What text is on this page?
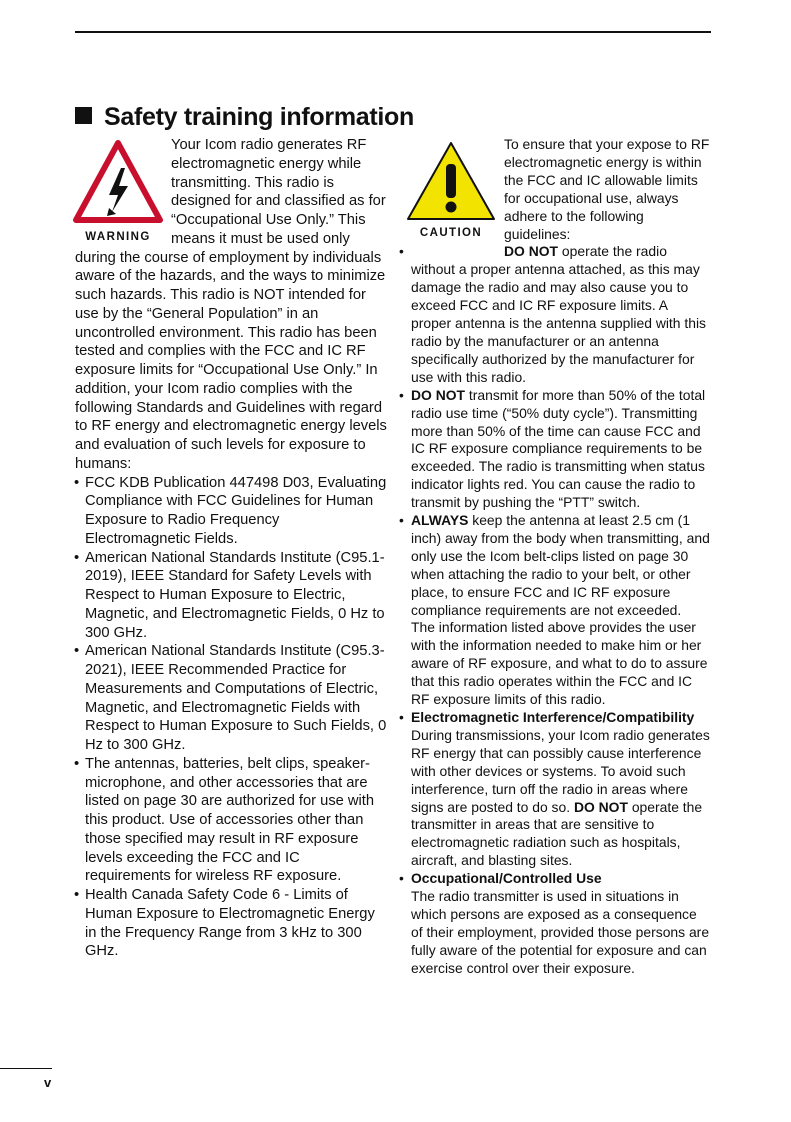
Safety training information
WARNING

Your Icom radio generates RF electromagnetic energy while transmitting. This radio is designed for and classified as for “Occupational Use Only.” This means it must be used only during the course of employment by individuals aware of the hazards, and the ways to minimize such hazards. This radio is NOT intended for use by the “General Population” in an uncontrolled environment. This radio has been tested and complies with the FCC and IC RF exposure limits for “Occupational Use Only.” In addition, your Icom radio complies with the following Standards and Guidelines with regard to RF energy and electromagnetic energy levels and evaluation of such levels for exposure to humans:

• FCC KDB Publication 447498 D03, Evaluating Compliance with FCC Guidelines for Human Exposure to Radio Frequency Electromagnetic Fields.
• American National Standards Institute (C95.1-2019), IEEE Standard for Safety Levels with Respect to Human Exposure to Electric, Magnetic, and Electromagnetic Fields, 0 Hz to 300 GHz.
• American National Standards Institute (C95.3-2021), IEEE Recommended Practice for Measurements and Computations of Electric, Magnetic, and Electromagnetic Fields with Respect to Human Exposure to Such Fields, 0 Hz to 300 GHz.
• The antennas, batteries, belt clips, speaker-microphone, and other accessories that are listed on page 30 are authorized for use with this product. Use of accessories other than those specified may result in RF exposure levels exceeding the FCC and IC requirements for wireless RF exposure.
• Health Canada Safety Code 6 - Limits of Human Exposure to Electromagnetic Energy in the Frequency Range from 3 kHz to 300 GHz.
CAUTION

To ensure that your expose to RF electromagnetic energy is within the FCC and IC allowable limits for occupational use, always adhere to the following guidelines:

• DO NOT operate the radio without a proper antenna attached, as this may damage the radio and may also cause you to exceed FCC and IC RF exposure limits. A proper antenna is the antenna supplied with this radio by the manufacturer or an antenna specifically authorized by the manufacturer for use with this radio.
• DO NOT transmit for more than 50% of the total radio use time (“50% duty cycle”). Transmitting more than 50% of the time can cause FCC and IC RF exposure compliance requirements to be exceeded. The radio is transmitting when status indicator lights red. You can cause the radio to transmit by pushing the “PTT” switch.
• ALWAYS keep the antenna at least 2.5 cm (1 inch) away from the body when transmitting, and only use the Icom belt-clips listed on page 30 when attaching the radio to your belt, or other place, to ensure FCC and IC RF exposure compliance requirements are not exceeded.
The information listed above provides the user with the information needed to make him or her aware of RF exposure, and what to do to assure that this radio operates within the FCC and IC RF exposure limits of this radio.
• Electromagnetic Interference/Compatibility
During transmissions, your Icom radio generates RF energy that can possibly cause interference with other devices or systems. To avoid such interference, turn off the radio in areas where signs are posted to do so. DO NOT operate the transmitter in areas that are sensitive to electromagnetic radiation such as hospitals, aircraft, and blasting sites.
• Occupational/Controlled Use
The radio transmitter is used in situations in which persons are exposed as a consequence of their employment, provided those persons are fully aware of the potential for exposure and can exercise control over their exposure.
v
